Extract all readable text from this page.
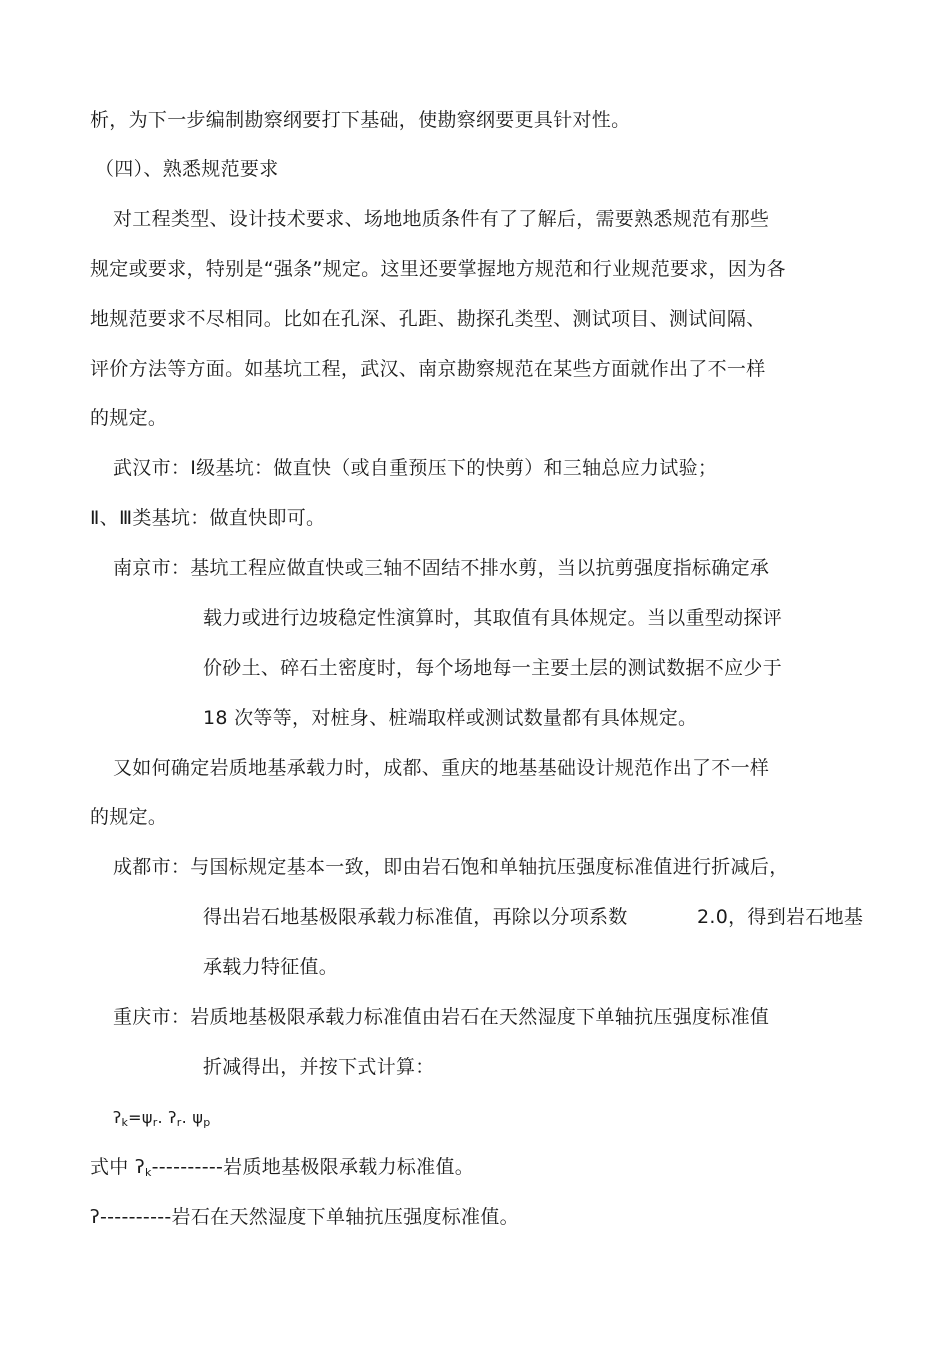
析，为下一步编制勘察纲要打下基础，使勘察纲要更具针对性。
（四）、熟悉规范要求
对工程类型、设计技术要求、场地地质条件有了了解后，需要熟悉规范有那些
规定或要求，特别是“强条”规定。这里还要掌握地方规范和行业规范要求，因为各
地规范要求不尽相同。比如在孔深、孔距、勘探孔类型、测试项目、测试间隔、
评价方法等方面。如基坑工程，武汉、南京勘察规范在某些方面就作出了不一样
的规定。
武汉市：Ⅰ级基坑：做直快（或自重预压下的快剪）和三轴总应力试验；
Ⅱ、Ⅲ类基坑：做直快即可。
南京市：基坑工程应做直快或三轴不固结不排水剪，当以抗剪强度指标确定承
载力或进行边坡稳定性演算时，其取值有具体规定。当以重型动探评
价砂土、碎石土密度时，每个场地每一主要土层的测试数据不应少于
18 次等等，对桩身、桩端取样或测试数量都有具体规定。
又如何确定岩质地基承载力时，成都、重庆的地基基础设计规范作出了不一样
的规定。
成都市：与国标规定基本一致，即由岩石饱和单轴抗压强度标准值进行折减后，
得出岩石地基极限承载力标准值，再除以分项系数	2.0，得到岩石地基
承载力特征值。
重庆市：岩质地基极限承载力标准值由岩石在天然湿度下单轴抗压强度标准值
折减得出，并按下式计算：
$ʔ_k=\psi_r$. ʔ$_r$. $\psi_p$
式中 ʔ$_k$----------岩质地基极限承载力标准值。
ʔ----------岩石在天然湿度下单轴抗压强度标准值。
